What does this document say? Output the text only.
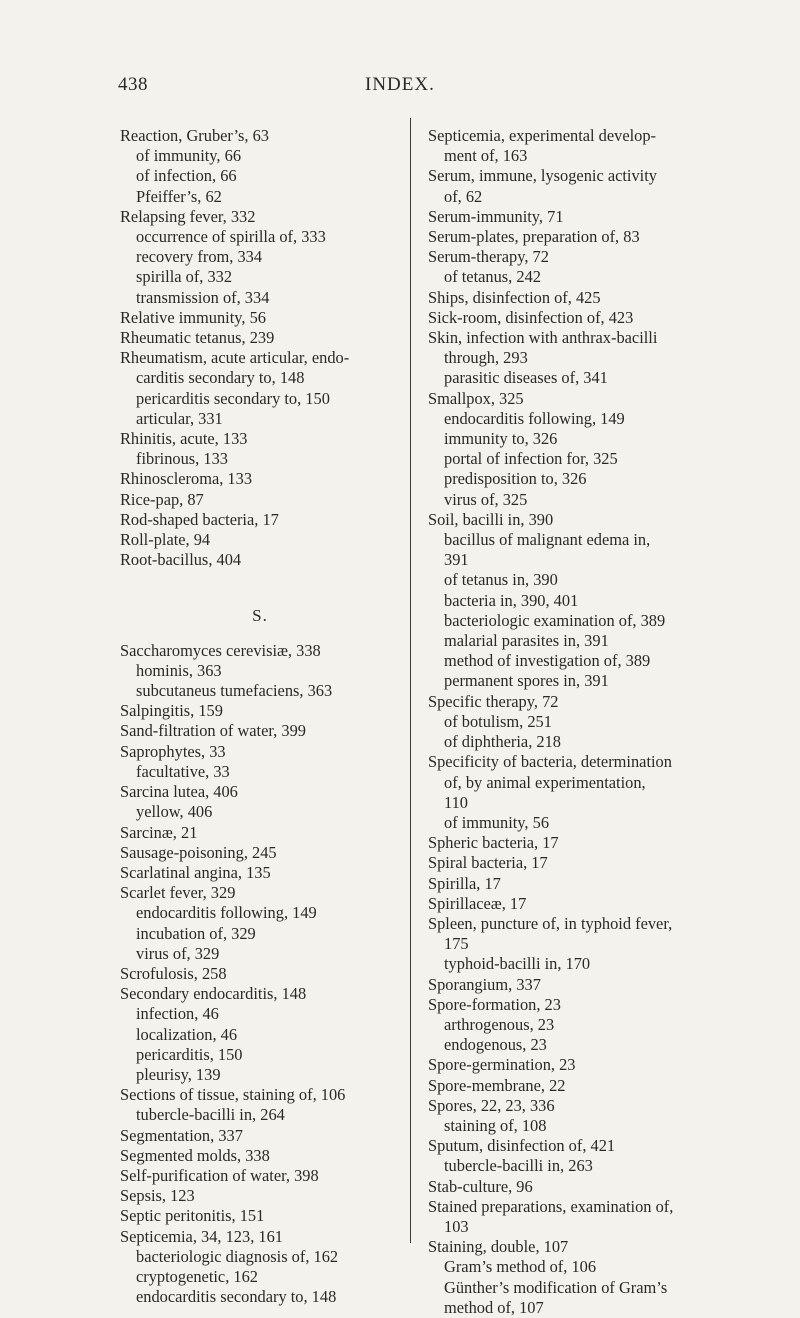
438	INDEX.
Reaction, Gruber’s, 63
of immunity, 66
of infection, 66
Pfeiffer’s, 62
Relapsing fever, 332
occurrence of spirilla of, 333
recovery from, 334
spirilla of, 332
transmission of, 334
Relative immunity, 56
Rheumatic tetanus, 239
Rheumatism, acute articular, endo-
carditis secondary to, 148
pericarditis secondary to, 150
articular, 331
Rhinitis, acute, 133
fibrinous, 133
Rhinoscleroma, 133
Rice-pap, 87
Rod-shaped bacteria, 17
Roll-plate, 94
Root-bacillus, 404
S.
Saccharomyces cerevisiæ, 338
hominis, 363
subcutaneus tumefaciens, 363
Salpingitis, 159
Sand-filtration of water, 399
Saprophytes, 33
facultative, 33
Sarcina lutea, 406
yellow, 406
Sarcinæ, 21
Sausage-poisoning, 245
Scarlatinal angina, 135
Scarlet fever, 329
endocarditis following, 149
incubation of, 329
virus of, 329
Scrofulosis, 258
Secondary endocarditis, 148
infection, 46
localization, 46
pericarditis, 150
pleurisy, 139
Sections of tissue, staining of, 106
tubercle-bacilli in, 264
Segmentation, 337
Segmented molds, 338
Self-purification of water, 398
Sepsis, 123
Septic peritonitis, 151
Septicemia, 34, 123, 161
bacteriologic diagnosis of, 162
cryptogenetic, 162
endocarditis secondary to, 148
Septicemia, experimental develop-
ment of, 163
Serum, immune, lysogenic activity
of, 62
Serum-immunity, 71
Serum-plates, preparation of, 83
Serum-therapy, 72
of tetanus, 242
Ships, disinfection of, 425
Sick-room, disinfection of, 423
Skin, infection with anthrax-bacilli
through, 293
parasitic diseases of, 341
Smallpox, 325
endocarditis following, 149
immunity to, 326
portal of infection for, 325
predisposition to, 326
virus of, 325
Soil, bacilli in, 390
bacillus of malignant edema in,
391
of tetanus in, 390
bacteria in, 390, 401
bacteriologic examination of, 389
malarial parasites in, 391
method of investigation of, 389
permanent spores in, 391
Specific therapy, 72
of botulism, 251
of diphtheria, 218
Specificity of bacteria, determination
of, by animal experimentation,
110
of immunity, 56
Spheric bacteria, 17
Spiral bacteria, 17
Spirilla, 17
Spirillaceæ, 17
Spleen, puncture of, in typhoid fever,
175
typhoid-bacilli in, 170
Sporangium, 337
Spore-formation, 23
arthrogenous, 23
endogenous, 23
Spore-germination, 23
Spore-membrane, 22
Spores, 22, 23, 336
staining of, 108
Sputum, disinfection of, 421
tubercle-bacilli in, 263
Stab-culture, 96
Stained preparations, examination of,
103
Staining, double, 107
Gram’s method of, 106
Günther’s modification of Gram’s
method of, 107
